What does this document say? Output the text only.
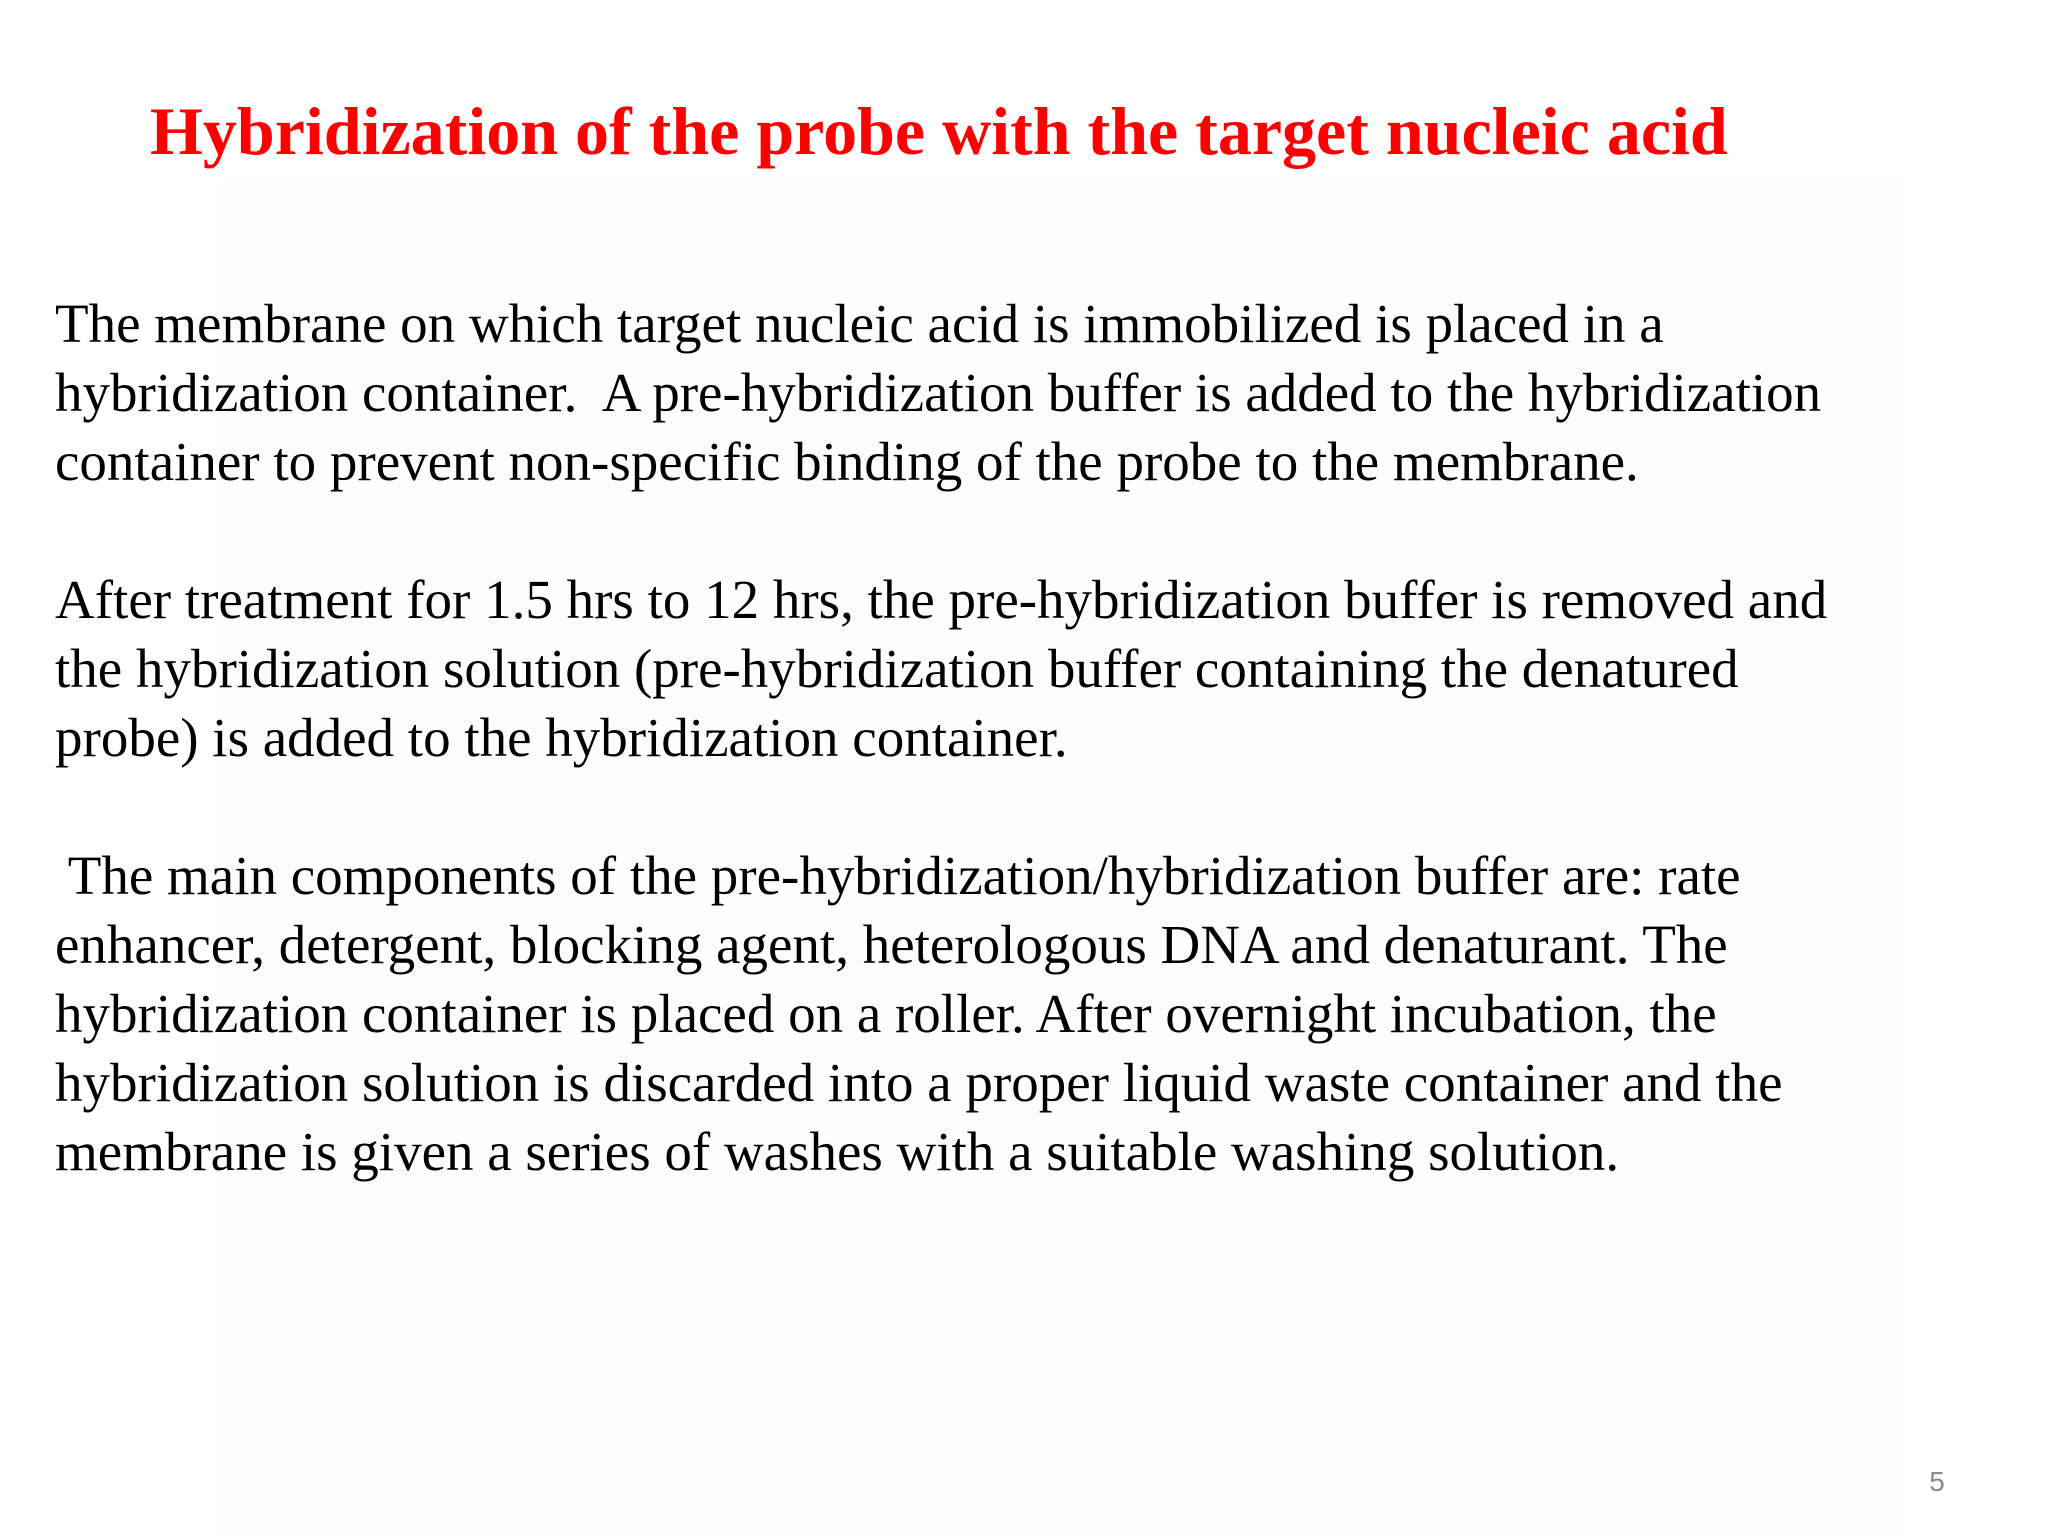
Hybridization of the probe with the target nucleic acid

The membrane on which target nucleic acid is immobilized is placed in a
hybridization container.  A pre-hybridization buffer is added to the hybridization
container to prevent non-specific binding of the probe to the membrane.

After treatment for 1.5 hrs to 12 hrs, the pre-hybridization buffer is removed and
the hybridization solution (pre-hybridization buffer containing the denatured
probe) is added to the hybridization container.

The main components of the pre-hybridization/hybridization buffer are: rate
enhancer, detergent, blocking agent, heterologous DNA and denaturant. The
hybridization container is placed on a roller. After overnight incubation, the
hybridization solution is discarded into a proper liquid waste container and the
membrane is given a series of washes with a suitable washing solution.

5
